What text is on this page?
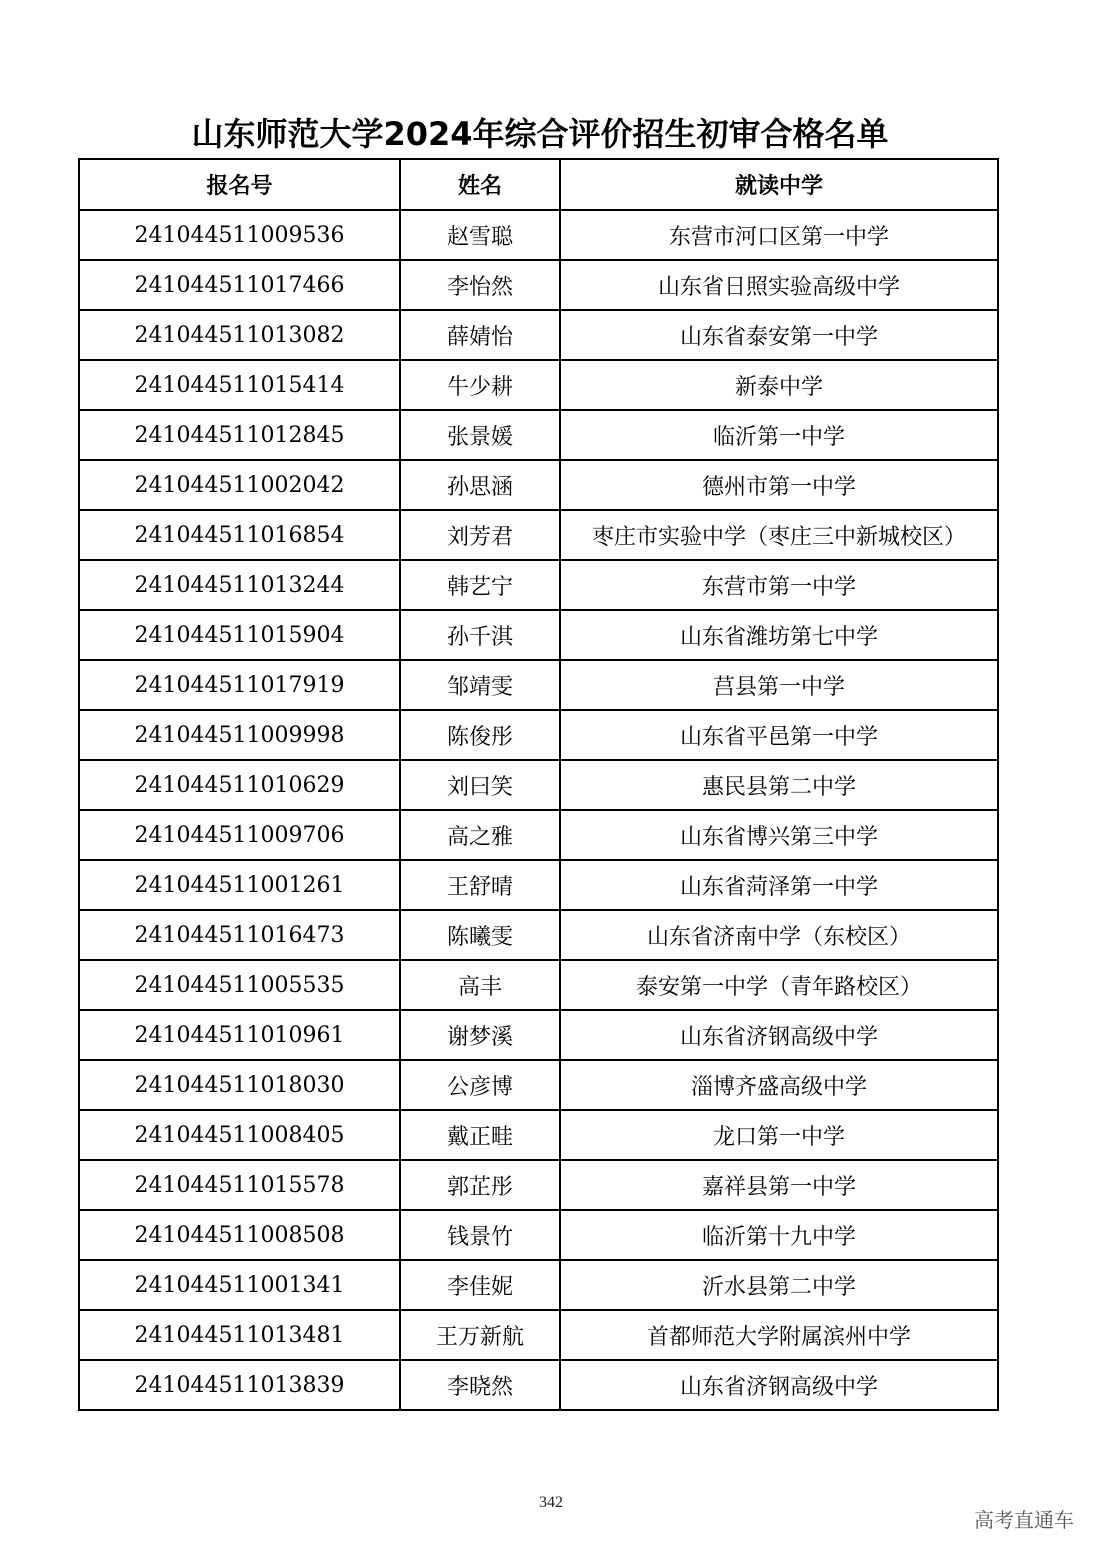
山东师范大学2024年综合评价招生初审合格名单
报名号	姓名	就读中学
241044511009536	赵雪聪	东营市河口区第一中学
241044511017466	李怡然	山东省日照实验高级中学
241044511013082	薛婧怡	山东省泰安第一中学
241044511015414	牛少耕	新泰中学
241044511012845	张景媛	临沂第一中学
241044511002042	孙思涵	德州市第一中学
241044511016854	刘芳君	枣庄市实验中学（枣庄三中新城校区）
241044511013244	韩艺宁	东营市第一中学
241044511015904	孙千淇	山东省潍坊第七中学
241044511017919	邹靖雯	莒县第一中学
241044511009998	陈俊彤	山东省平邑第一中学
241044511010629	刘曰笑	惠民县第二中学
241044511009706	高之雅	山东省博兴第三中学
241044511001261	王舒晴	山东省菏泽第一中学
241044511016473	陈曦雯	山东省济南中学（东校区）
241044511005535	高丰	泰安第一中学（青年路校区）
241044511010961	谢梦溪	山东省济钢高级中学
241044511018030	公彦博	淄博齐盛高级中学
241044511008405	戴正畦	龙口第一中学
241044511015578	郭芷彤	嘉祥县第一中学
241044511008508	钱景竹	临沂第十九中学
241044511001341	李佳妮	沂水县第二中学
241044511013481	王万新航	首都师范大学附属滨州中学
241044511013839	李晓然	山东省济钢高级中学
342
高考直通车
